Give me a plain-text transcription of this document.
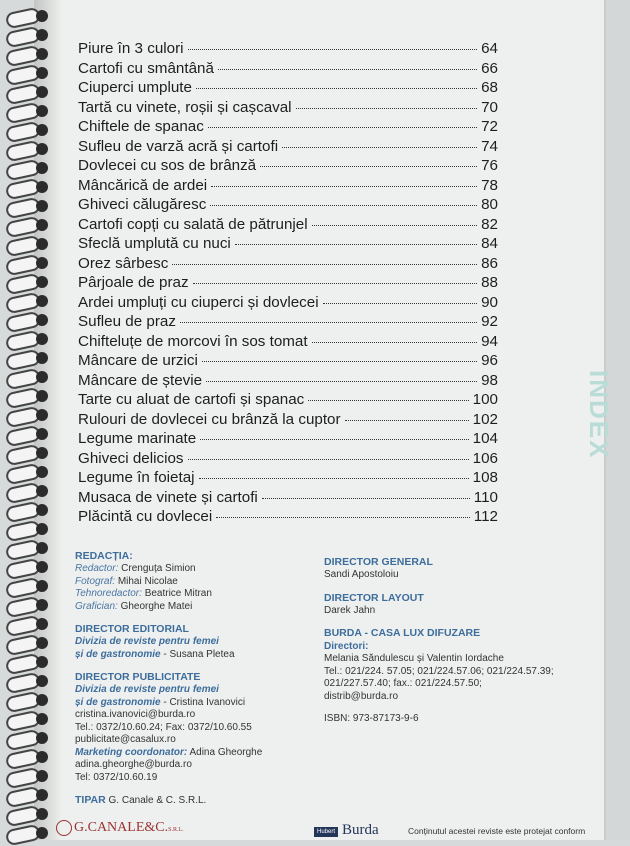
INDEX
Piure în 3 culori	64
Cartofi cu smântână	66
Ciuperci umplute	68
Tartă cu vinete, roșii și cașcaval	70
Chiftele de spanac	72
Sufleu de varză acră și cartofi	74
Dovlecei cu sos de brânză	76
Mâncărică de ardei	78
Ghiveci călugăresc	80
Cartofi copți cu salată de pătrunjel	82
Sfeclă umplută cu nuci	84
Orez sârbesc	86
Pârjoale de praz	88
Ardei umpluți cu ciuperci și dovlecei	90
Sufleu de praz	92
Chifteluțe de morcovi în sos tomat	94
Mâncare de urzici	96
Mâncare de ștevie	98
Tarte cu aluat de cartofi și spanac	100
Rulouri de dovlecei cu brânză la cuptor	102
Legume marinate	104
Ghiveci delicios	106
Legume în foietaj	108
Musaca de vinete și cartofi	110
Plăcintă cu dovlecei	112
REDACȚIA:
Redactor: Crenguța Simion
Fotograf: Mihai Nicolae
Tehnoredactor: Beatrice Mitran
Grafician: Gheorghe Matei
DIRECTOR EDITORIAL
Divizia de reviste pentru femei
și de gastronomie - Susana Pletea
DIRECTOR PUBLICITATE
Divizia de reviste pentru femei
și de gastronomie - Cristina Ivanovici
cristina.ivanovici@burda.ro
Tel.: 0372/10.60.24; Fax: 0372/10.60.55
publicitate@casalux.ro
Marketing coordonator: Adina Gheorghe
adina.gheorghe@burda.ro
Tel: 0372/10.60.19
TIPAR G. Canale & C. S.R.L.
DIRECTOR GENERAL
Sandi Apostoloiu
DIRECTOR LAYOUT
Darek Jahn
BURDA - CASA LUX DIFUZARE
Directori:
Melania Săndulescu și Valentin Iordache
Tel.: 021/224. 57.05; 021/224.57.06; 021/224.57.39;
021/227.57.40; fax.: 021/224.57.50;
distrib@burda.ro
ISBN: 973-87173-9-6
G.CANALE&C.S.R.L.	Hubert Burda	Conținutul acestei reviste este protejat conform
